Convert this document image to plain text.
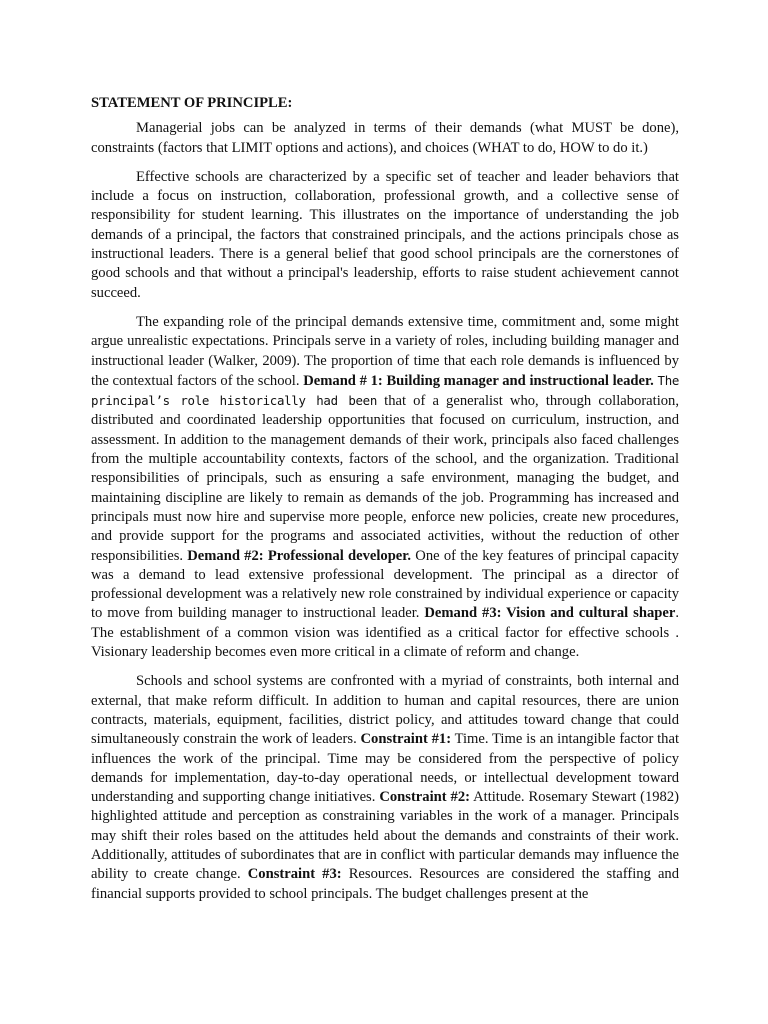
STATEMENT OF PRINCIPLE:

Managerial jobs can be analyzed in terms of their demands (what MUST be done), constraints (factors that LIMIT options and actions), and choices (WHAT to do, HOW to do it.)

Effective schools are characterized by a specific set of teacher and leader behaviors that include a focus on instruction, collaboration, professional growth, and a collective sense of responsibility for student learning. This illustrates on the importance of understanding the job demands of a principal, the factors that constrained principals, and the actions principals chose as instructional leaders. There is a general belief that good school principals are the cornerstones of good schools and that without a principal's leadership, efforts to raise student achievement cannot succeed.

The expanding role of the principal demands extensive time, commitment and, some might argue unrealistic expectations. Principals serve in a variety of roles, including building manager and instructional leader (Walker, 2009). The proportion of time that each role demands is influenced by the contextual factors of the school. Demand # 1: Building manager and instructional leader. The principal’s role historically had been that of a generalist who, through collaboration, distributed and coordinated leadership opportunities that focused on curriculum, instruction, and assessment. In addition to the management demands of their work, principals also faced challenges from the multiple accountability contexts, factors of the school, and the organization. Traditional responsibilities of principals, such as ensuring a safe environment, managing the budget, and maintaining discipline are likely to remain as demands of the job. Programming has increased and principals must now hire and supervise more people, enforce new policies, create new procedures, and provide support for the programs and associated activities, without the reduction of other responsibilities. Demand #2: Professional developer. One of the key features of principal capacity was a demand to lead extensive professional development. The principal as a director of professional development was a relatively new role constrained by individual experience or capacity to move from building manager to instructional leader. Demand #3: Vision and cultural shaper. The establishment of a common vision was identified as a critical factor for effective schools . Visionary leadership becomes even more critical in a climate of reform and change.

Schools and school systems are confronted with a myriad of constraints, both internal and external, that make reform difficult. In addition to human and capital resources, there are union contracts, materials, equipment, facilities, district policy, and attitudes toward change that could simultaneously constrain the work of leaders. Constraint #1: Time. Time is an intangible factor that influences the work of the principal. Time may be considered from the perspective of policy demands for implementation, day-to-day operational needs, or intellectual development toward understanding and supporting change initiatives. Constraint #2: Attitude. Rosemary Stewart (1982) highlighted attitude and perception as constraining variables in the work of a manager. Principals may shift their roles based on the attitudes held about the demands and constraints of their work. Additionally, attitudes of subordinates that are in conflict with particular demands may influence the ability to create change. Constraint #3: Resources. Resources are considered the staffing and financial supports provided to school principals. The budget challenges present at the
